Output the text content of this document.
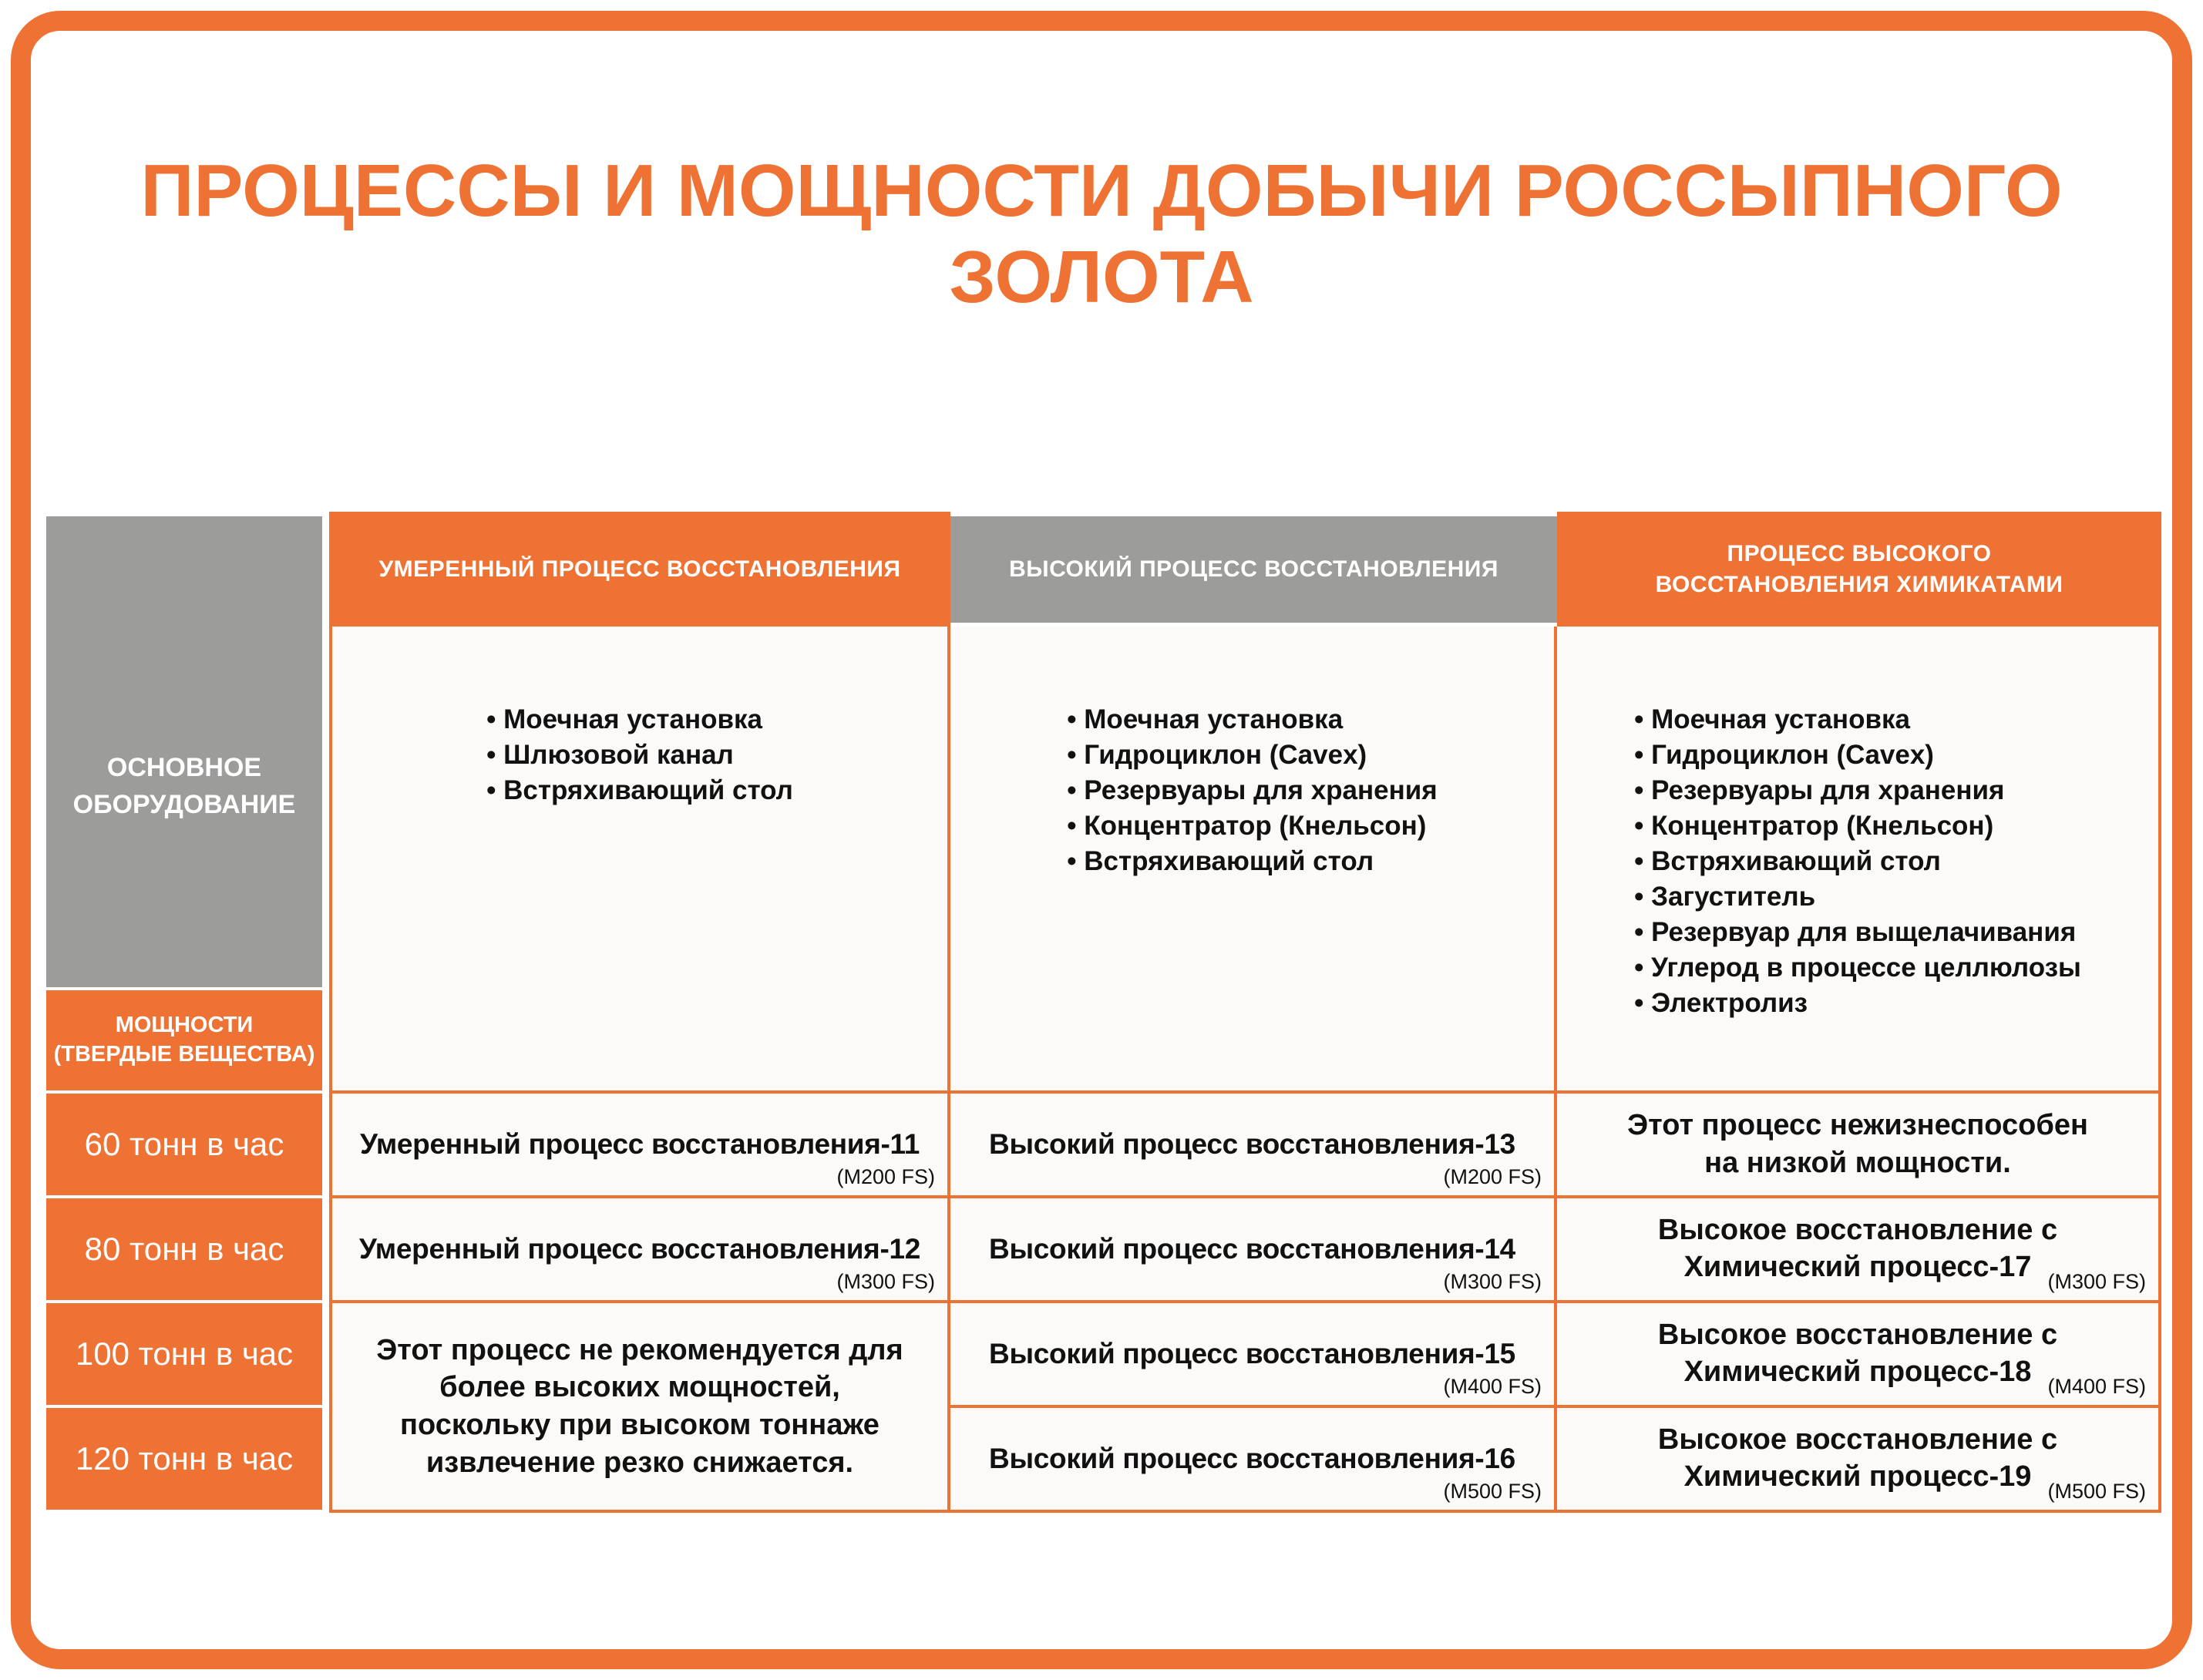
ПРОЦЕССЫ И МОЩНОСТИ ДОБЫЧИ РОССЫПНОГО
ЗОЛОТА
ОСНОВНОЕ
ОБОРУДОВАНИЕ
МОЩНОСТИ
(ТВЕРДЫЕ ВЕЩЕСТВА)
60 тонн в час
80 тонн в час
100 тонн в час
120 тонн в час
УМЕРЕННЫЙ ПРОЦЕСС ВОССТАНОВЛЕНИЯ	ВЫСОКИЙ ПРОЦЕСС ВОССТАНОВЛЕНИЯ
ПРОЦЕСС ВЫСОКОГО
ВОССТАНОВЛЕНИЯ ХИМИКАТАМИ
• Моечная установка
• Шлюзовой канал
• Встряхивающий стол
• Моечная установка
• Гидроциклон (Cavex)
• Резервуары для хранения
• Концентратор (Кнельсон)
• Встряхивающий стол
• Моечная установка
• Гидроциклон (Cavex)
• Резервуары для хранения
• Концентратор (Кнельсон)
• Встряхивающий стол
• Загуститель
• Резервуар для выщелачивания
• Углерод в процессе целлюлозы
• Электролиз
Умеренный процесс восстановления-11
(M200 FS)
Высокий процесс восстановления-13
(M200 FS)
Этот процесс нежизнеспособен
на низкой мощности.
Умеренный процесс восстановления-12
(M300 FS)
Высокий процесс восстановления-14
(M300 FS)
Высокое восстановление с
Химический процесс-17 (M300 FS)
Этот процесс не рекомендуется для
более высоких мощностей,
поскольку при высоком тоннаже
извлечение резко снижается.
Высокий процесс восстановления-15
(M400 FS)
Высокое восстановление с
Химический процесс-18 (M400 FS)
Высокий процесс восстановления-16
(M500 FS)
Высокое восстановление с
Химический процесс-19 (M500 FS)
